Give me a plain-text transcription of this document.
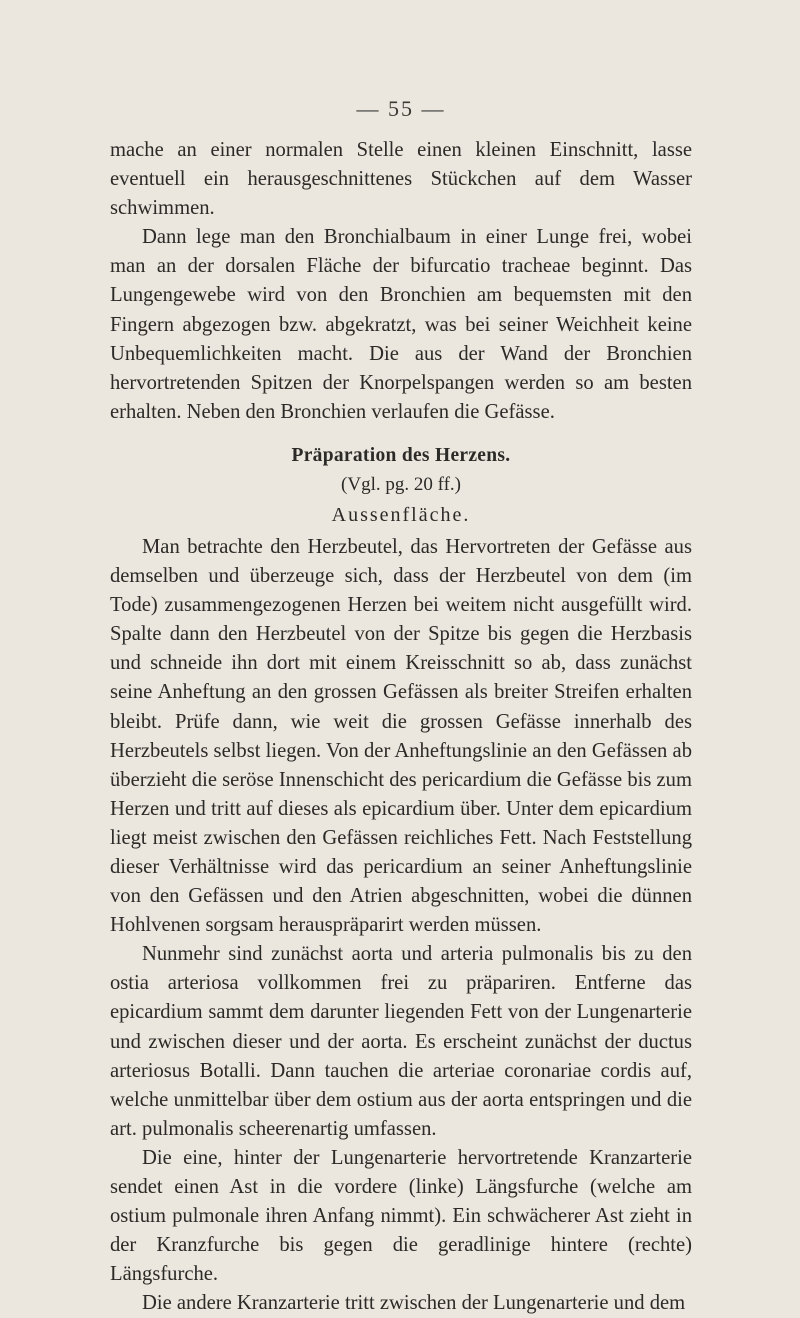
— 55 —

mache an einer normalen Stelle einen kleinen Einschnitt, lasse eventuell ein herausgeschnittenes Stückchen auf dem Wasser schwimmen.

Dann lege man den Bronchialbaum in einer Lunge frei, wobei man an der dorsalen Fläche der bifurcatio tracheae beginnt. Das Lungengewebe wird von den Bronchien am bequemsten mit den Fingern abgezogen bzw. abgekratzt, was bei seiner Weichheit keine Unbequemlichkeiten macht. Die aus der Wand der Bronchien hervortretenden Spitzen der Knorpelspangen werden so am besten erhalten. Neben den Bronchien verlaufen die Gefässe.

Präparation des Herzens.
(Vgl. pg. 20 ff.)
Aussenfläche.

Man betrachte den Herzbeutel, das Hervortreten der Gefässe aus demselben und überzeuge sich, dass der Herzbeutel von dem (im Tode) zusammengezogenen Herzen bei weitem nicht ausgefüllt wird. Spalte dann den Herzbeutel von der Spitze bis gegen die Herzbasis und schneide ihn dort mit einem Kreisschnitt so ab, dass zunächst seine Anheftung an den grossen Gefässen als breiter Streifen erhalten bleibt. Prüfe dann, wie weit die grossen Gefässe innerhalb des Herzbeutels selbst liegen. Von der Anheftungslinie an den Gefässen ab überzieht die seröse Innenschicht des pericardium die Gefässe bis zum Herzen und tritt auf dieses als epicardium über. Unter dem epicardium liegt meist zwischen den Gefässen reichliches Fett. Nach Feststellung dieser Verhältnisse wird das pericardium an seiner Anheftungslinie von den Gefässen und den Atrien abgeschnitten, wobei die dünnen Hohlvenen sorgsam herauspräparirt werden müssen.

Nunmehr sind zunächst aorta und arteria pulmonalis bis zu den ostia arteriosa vollkommen frei zu präpariren. Entferne das epicardium sammt dem darunter liegenden Fett von der Lungenarterie und zwischen dieser und der aorta. Es erscheint zunächst der ductus arteriosus Botalli. Dann tauchen die arteriae coronariae cordis auf, welche unmittelbar über dem ostium aus der aorta entspringen und die art. pulmonalis scheerenartig umfassen.

Die eine, hinter der Lungenarterie hervortretende Kranzarterie sendet einen Ast in die vordere (linke) Längsfurche (welche am ostium pulmonale ihren Anfang nimmt). Ein schwächerer Ast zieht in der Kranzfurche bis gegen die geradlinige hintere (rechte) Längsfurche.

Die andere Kranzarterie tritt zwischen der Lungenarterie und dem
